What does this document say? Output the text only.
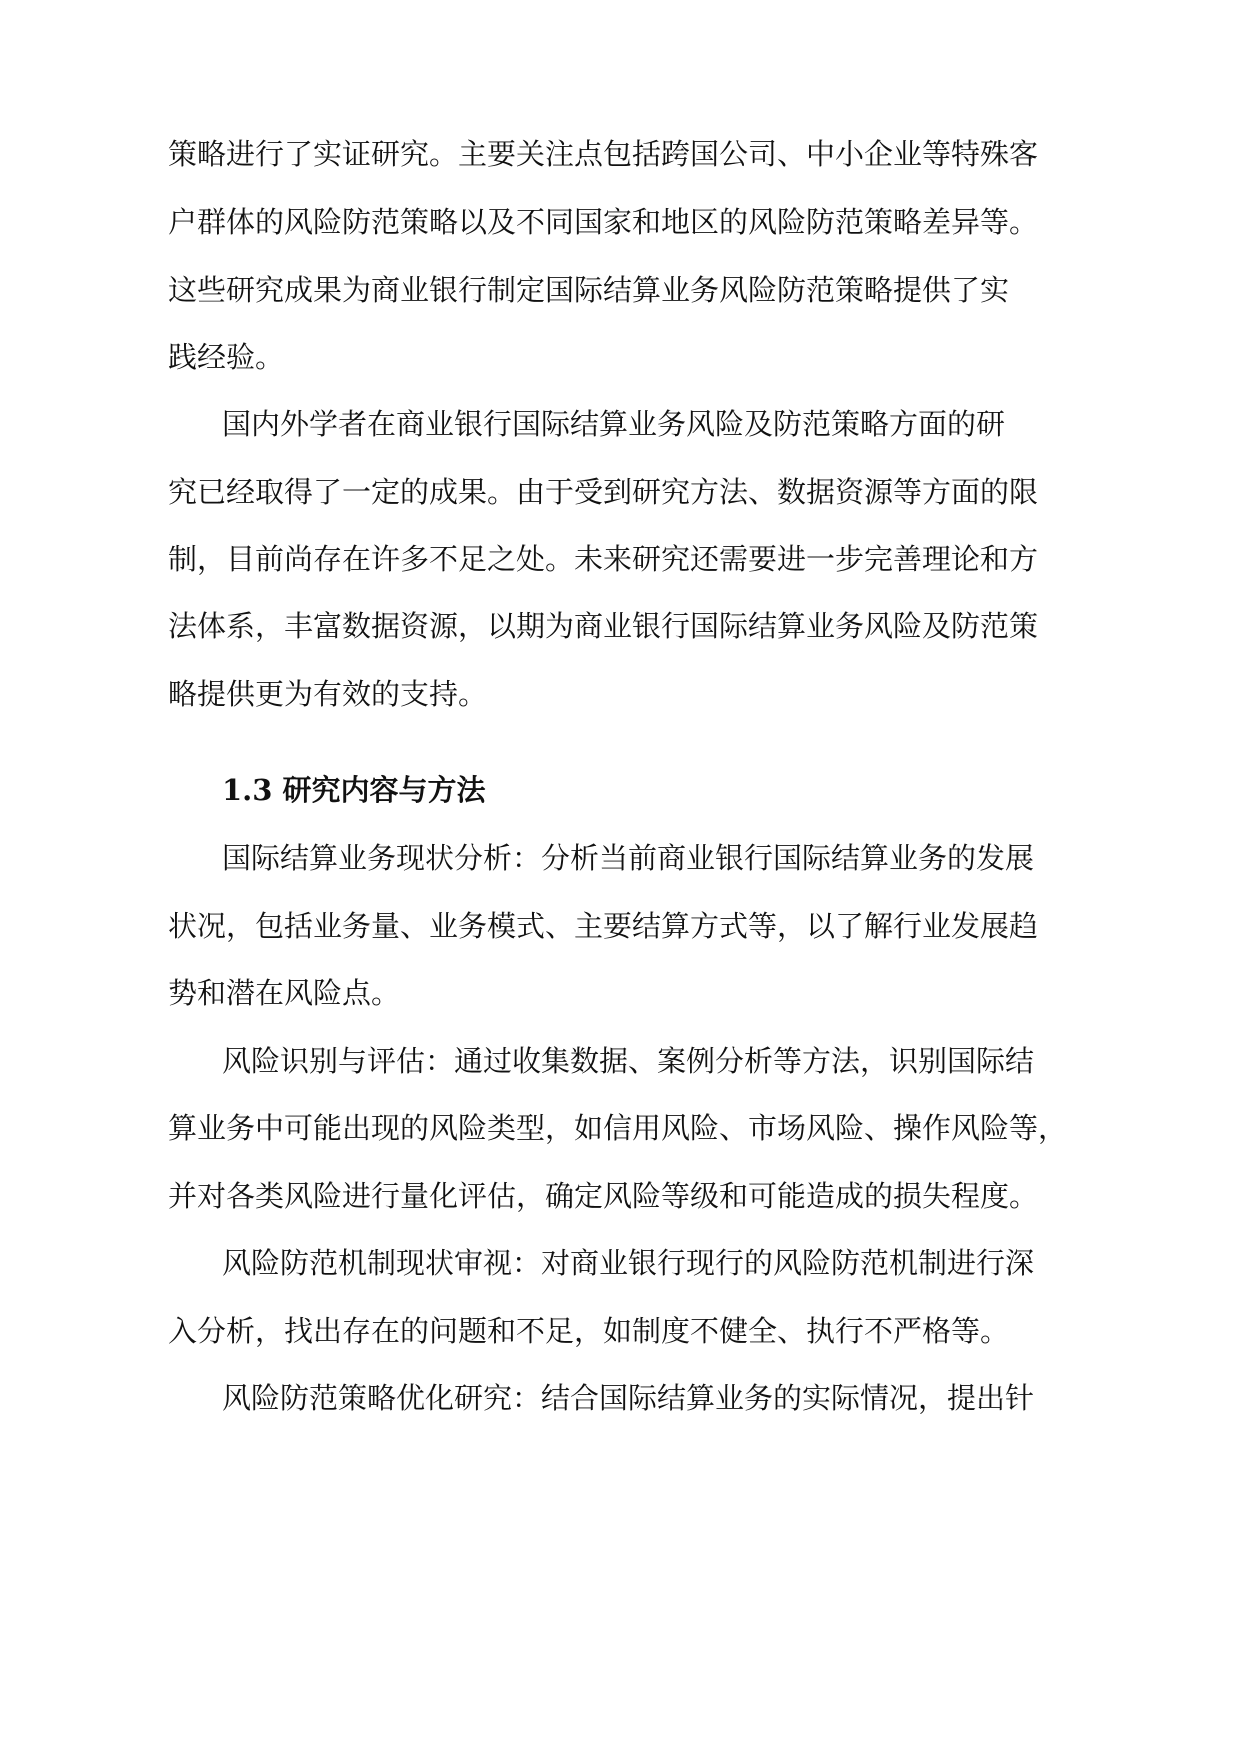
策略进行了实证研究。主要关注点包括跨国公司、中小企业等特殊客
户群体的风险防范策略以及不同国家和地区的风险防范策略差异等。
这些研究成果为商业银行制定国际结算业务风险防范策略提供了实
践经验。
国内外学者在商业银行国际结算业务风险及防范策略方面的研
究已经取得了一定的成果。由于受到研究方法、数据资源等方面的限
制，目前尚存在许多不足之处。未来研究还需要进一步完善理论和方
法体系，丰富数据资源，以期为商业银行国际结算业务风险及防范策
略提供更为有效的支持。
1.3 研究内容与方法
国际结算业务现状分析：分析当前商业银行国际结算业务的发展
状况，包括业务量、业务模式、主要结算方式等，以了解行业发展趋
势和潜在风险点。
风险识别与评估：通过收集数据、案例分析等方法，识别国际结
算业务中可能出现的风险类型，如信用风险、市场风险、操作风险等，
并对各类风险进行量化评估，确定风险等级和可能造成的损失程度。
风险防范机制现状审视：对商业银行现行的风险防范机制进行深
入分析，找出存在的问题和不足，如制度不健全、执行不严格等。
风险防范策略优化研究：结合国际结算业务的实际情况，提出针
